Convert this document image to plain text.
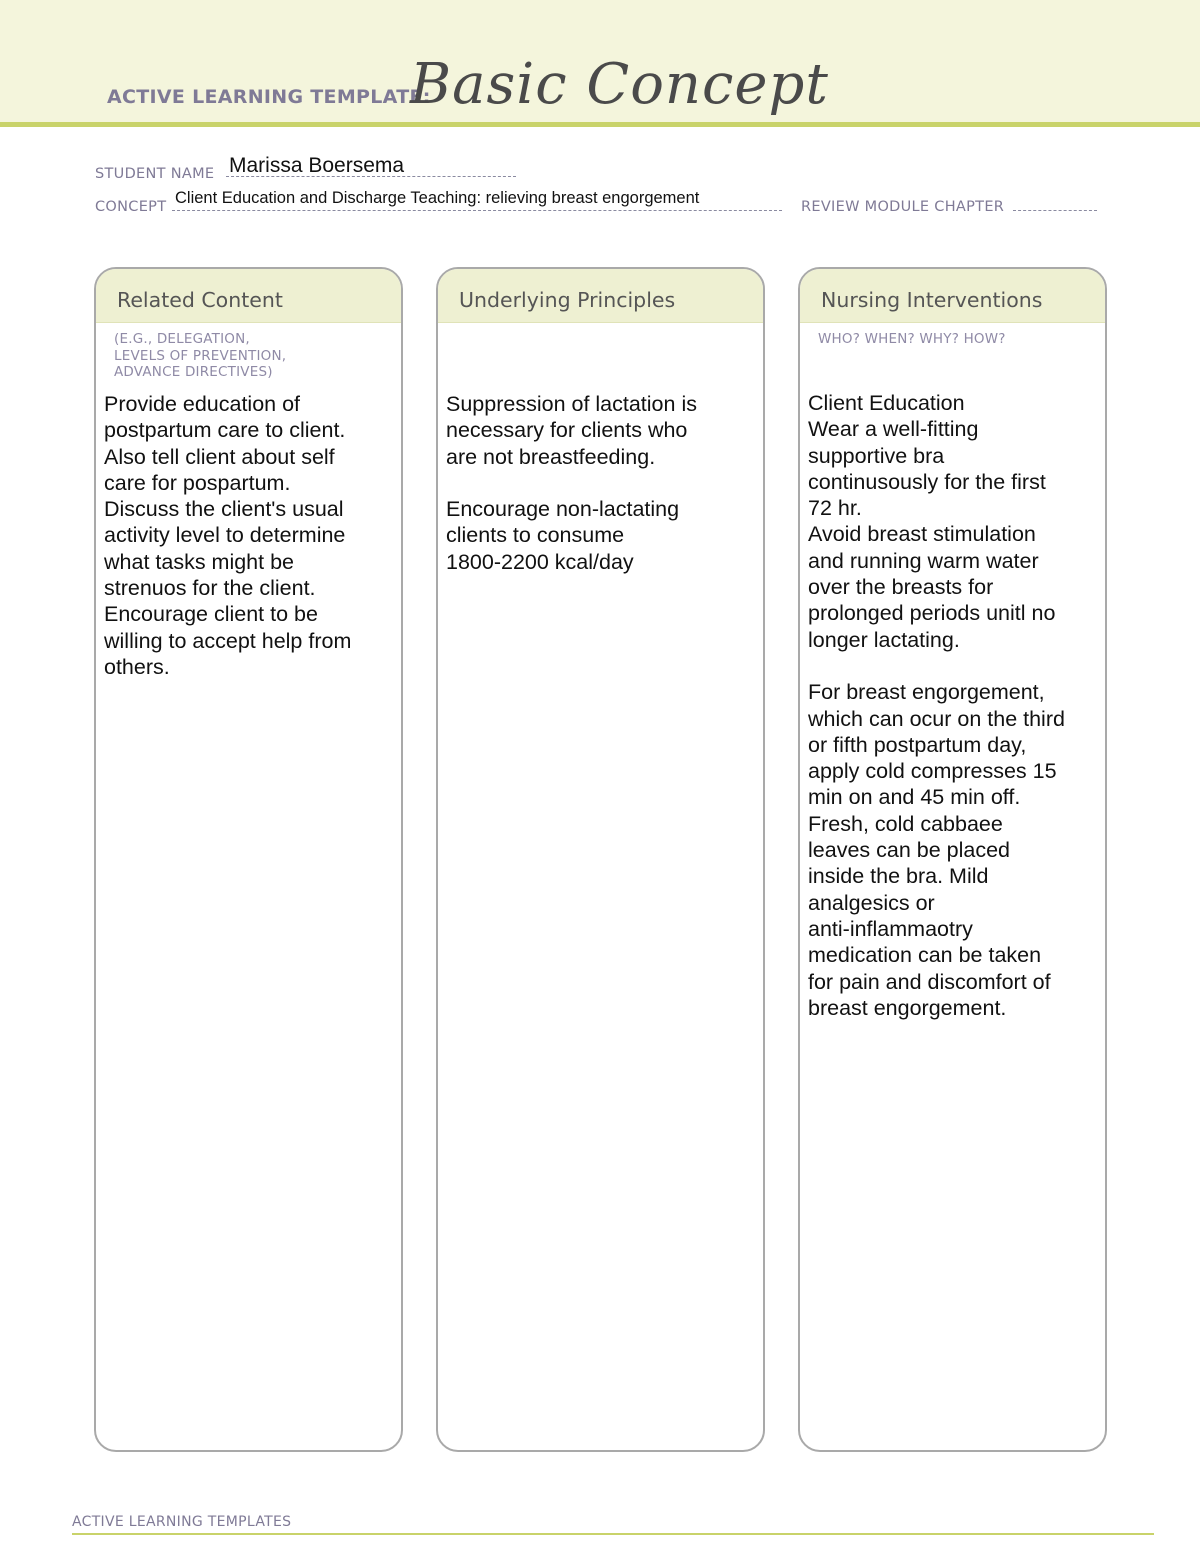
ACTIVE LEARNING TEMPLATE:
Basic Concept
STUDENT NAME Marissa Boersema
CONCEPT Client Education and Discharge Teaching: relieving breast engorgement	REVIEW MODULE CHAPTER
Related Content
(E.G., DELEGATION,
LEVELS OF PREVENTION,
ADVANCE DIRECTIVES)
Provide education of
postpartum care to client.
Also tell client about self
care for pospartum.
Discuss the client's usual
activity level to determine
what tasks might be
strenuos for the client.
Encourage client to be
willing to accept help from
others.
Underlying Principles
Suppression of lactation is
necessary for clients who
are not breastfeeding.

Encourage non-lactating
clients to consume
1800-2200 kcal/day
Nursing Interventions
WHO? WHEN? WHY? HOW?
Client Education
Wear a well-fitting
supportive bra
continusously for the first
72 hr.
Avoid breast stimulation
and running warm water
over the breasts for
prolonged periods unitl no
longer lactating.

For breast engorgement,
which can ocur on the third
or fifth postpartum day,
apply cold compresses 15
min on and 45 min off.
Fresh, cold cabbaee
leaves can be placed
inside the bra. Mild
analgesics or
anti-inflammaotry
medication can be taken
for pain and discomfort of
breast engorgement.
ACTIVE LEARNING TEMPLATES
